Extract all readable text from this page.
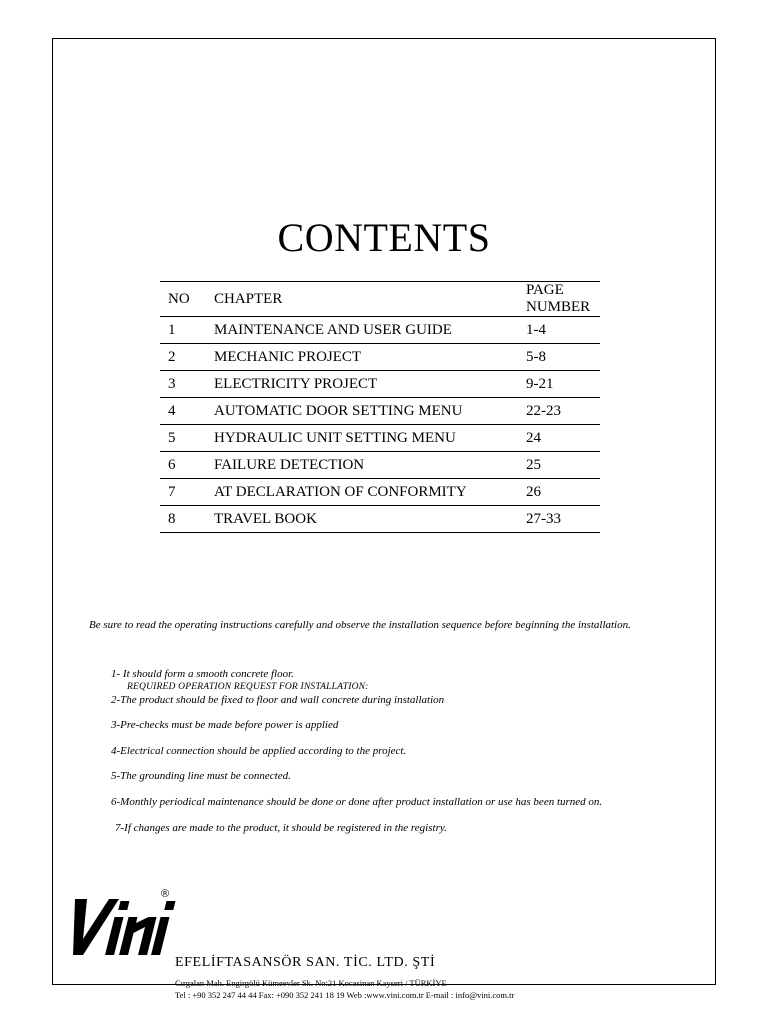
Be sure to read the operating instructions carefully and observe the installation sequence before beginning the installation.
REQUIRED OPERATION REQUEST FOR INSTALLATION:
1- It should form a smooth concrete floor.
2-The product should be fixed to floor and wall concrete during installation
3-Pre-checks must be made before power is applied
4-Electrical connection should be applied according to the project.
5-The grounding line must be connected.
6-Monthly periodical maintenance should be done or done after product installation or use has been turned on.
7-If changes are made to the product, it should be registered in the registry.
®
EFELİFTASANSÖR SAN. TİC. LTD. ŞTİ
Cırgalan Mah. Engirgölü Kümeevler Sk. No:21 Kocasinan Kayseri / TÜRKİYE
Tel : +90 352 247 44 44 Fax: +090 352 241 18 19 Web :www.vini.com.tr E-mail : info@vini.com.tr
CONTENTS
NO	CHAPTER	PAGE NUMBER
1	MAINTENANCE AND USER GUIDE	1-4
2	MECHANIC PROJECT	5-8
3	ELECTRICITY PROJECT	9-21
4	AUTOMATIC DOOR SETTING MENU	22-23
5	HYDRAULIC UNIT SETTING MENU	24
6	FAILURE DETECTION	25
7	AT DECLARATION OF CONFORMITY	26
8	TRAVEL BOOK	27-33
